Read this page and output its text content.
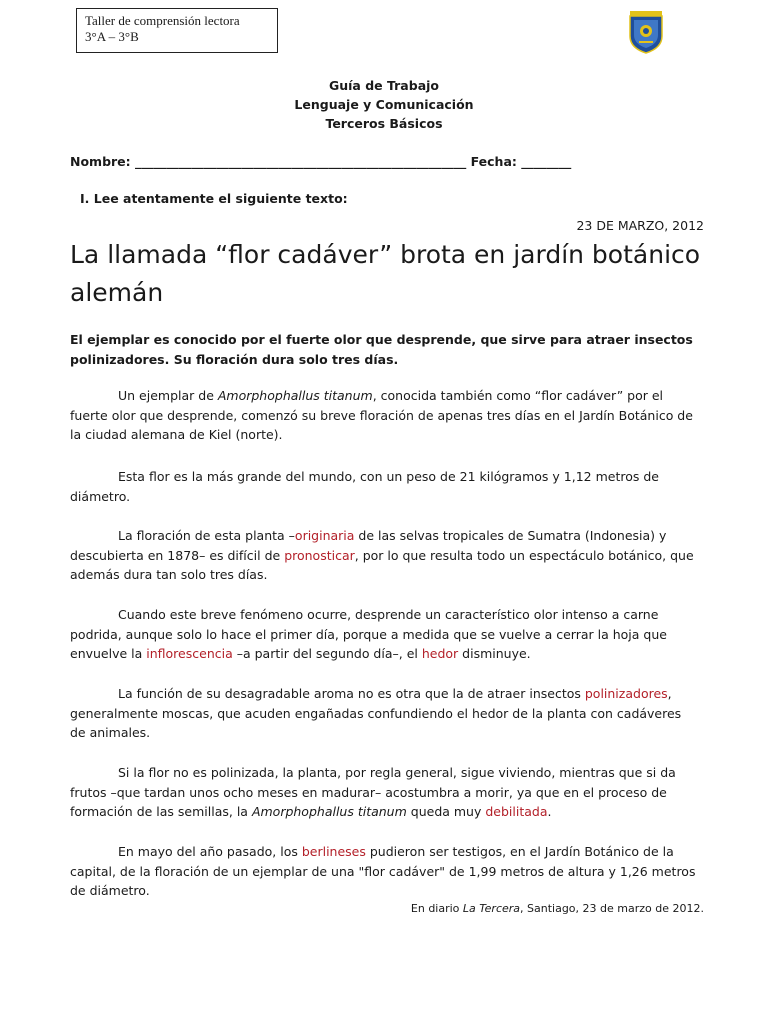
Taller de comprensión lectora
3°A – 3°B
Guía de Trabajo
Lenguaje y Comunicación
Terceros Básicos
Nombre: _____________________________________________________ Fecha: ________
I. Lee atentamente el siguiente texto:
23 DE MARZO, 2012
La llamada “flor cadáver” brota en jardín botánico alemán

El ejemplar es conocido por el fuerte olor que desprende, que sirve para atraer insectos polinizadores. Su floración dura solo tres días.

Un ejemplar de Amorphophallus titanum, conocida también como “flor cadáver” por el fuerte olor que desprende, comenzó su breve floración de apenas tres días en el Jardín Botánico de la ciudad alemana de Kiel (norte).

Esta flor es la más grande del mundo, con un peso de 21 kilógramos y 1,12 metros de diámetro.

La floración de esta planta –originaria de las selvas tropicales de Sumatra (Indonesia) y descubierta en 1878– es difícil de pronosticar, por lo que resulta todo un espectáculo botánico, que además dura tan solo tres días.

Cuando este breve fenómeno ocurre, desprende un característico olor intenso a carne podrida, aunque solo lo hace el primer día, porque a medida que se vuelve a cerrar la hoja que envuelve la inflorescencia –a partir del segundo día–, el hedor disminuye.

La función de su desagradable aroma no es otra que la de atraer insectos polinizadores, generalmente moscas, que acuden engañadas confundiendo el hedor de la planta con cadáveres de animales.

Si la flor no es polinizada, la planta, por regla general, sigue viviendo, mientras que si da frutos –que tardan unos ocho meses en madurar– acostumbra a morir, ya que en el proceso de formación de las semillas, la Amorphophallus titanum queda muy debilitada.

En mayo del año pasado, los berlineses pudieron ser testigos, en el Jardín Botánico de la capital, de la floración de un ejemplar de una "flor cadáver" de 1,99 metros de altura y 1,26 metros de diámetro.

En diario La Tercera, Santiago, 23 de marzo de 2012.
